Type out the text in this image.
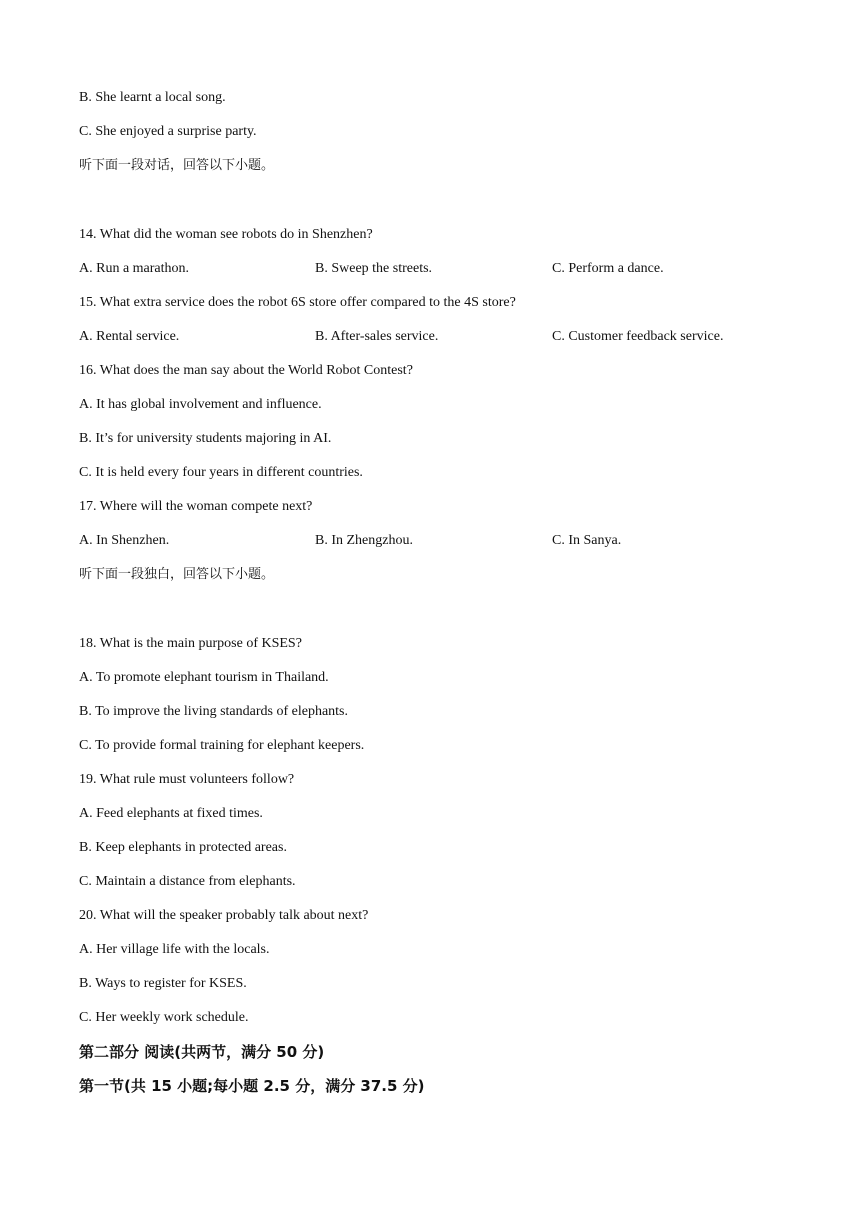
B. She learnt a local song.
C. She enjoyed a surprise party.
听下面一段对话，回答以下小题。
14. What did the woman see robots do in Shenzhen?
A. Run a marathon.	B. Sweep the streets.	C. Perform a dance.
15. What extra service does the robot 6S store offer compared to the 4S store?
A. Rental service.	B. After-sales service.	C. Customer feedback service.
16. What does the man say about the World Robot Contest?
A. It has global involvement and influence.
B. It’s for university students majoring in AI.
C. It is held every four years in different countries.
17. Where will the woman compete next?
A. In Shenzhen.	B. In Zhengzhou.	C. In Sanya.
听下面一段独白，回答以下小题。
18. What is the main purpose of KSES?
A. To promote elephant tourism in Thailand.
B. To improve the living standards of elephants.
C. To provide formal training for elephant keepers.
19. What rule must volunteers follow?
A. Feed elephants at fixed times.
B. Keep elephants in protected areas.
C. Maintain a distance from elephants.
20. What will the speaker probably talk about next?
A. Her village life with the locals.
B. Ways to register for KSES.
C. Her weekly work schedule.
第二部分 阅读(共两节，满分 50 分)
第一节(共 15 小题;每小题 2.5 分，满分 37.5 分)
